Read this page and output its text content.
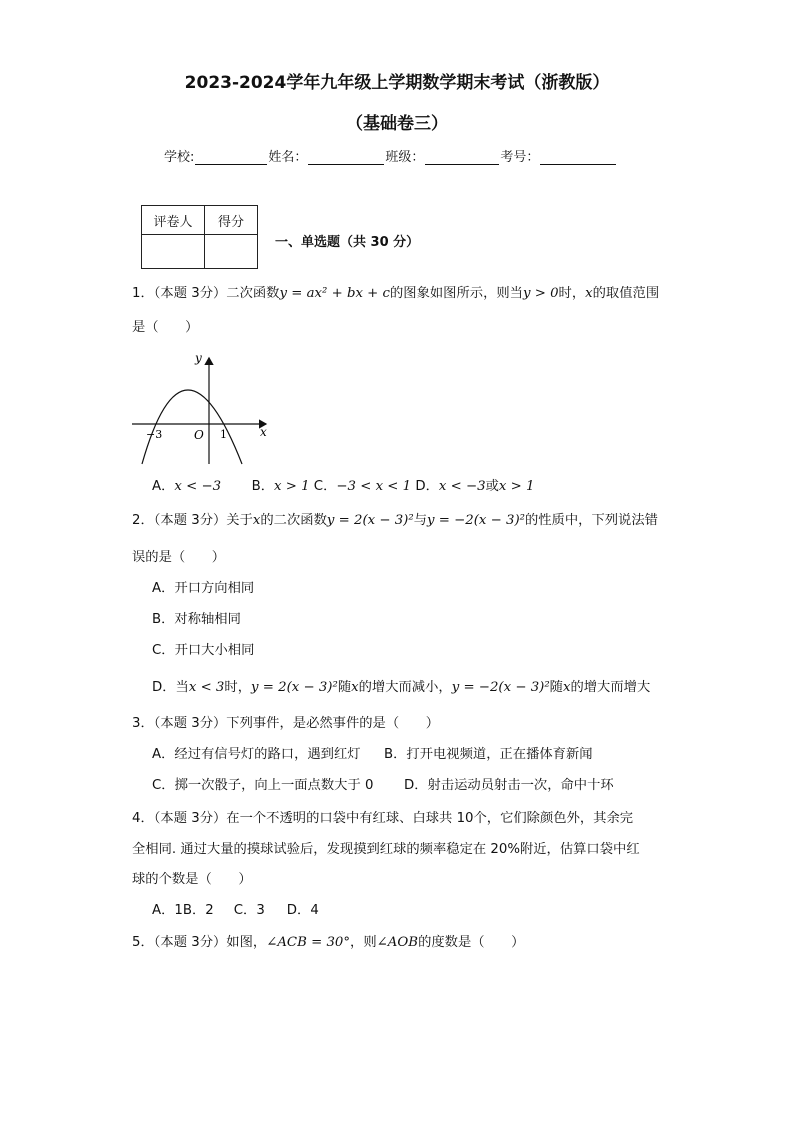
2023-2024学年九年级上学期数学期末考试（浙教版）
（基础卷三）
学校:	姓名：	班级：	考号：
评卷人	得分

一、单选题（共 30 分）
1．（本题 3分）二次函数y = ax² + bx + c的图象如图所示，则当y > 0时，x的取值范围
是（　　）
y
x
O
−3	1
A．x < −3 B．x > 1 C．−3 < x < 1 D．x < −3或x > 1
2．（本题 3分）关于x的二次函数y = 2(x − 3)²与y = −2(x − 3)²的性质中，下列说法错
误的是（　　）
A．开口方向相同
B．对称轴相同
C．开口大小相同
D．当x < 3时，y = 2(x − 3)²随x的增大而减小，y = −2(x − 3)²随x的增大而增大
3．（本题 3分）下列事件，是必然事件的是（　　）
A．经过有信号灯的路口，遇到红灯 B．打开电视频道，正在播体育新闻
C．掷一次骰子，向上一面点数大于 0 D．射击运动员射击一次，命中十环
4．（本题 3分）在一个不透明的口袋中有红球、白球共 10个，它们除颜色外，其余完
全相同. 通过大量的摸球试验后，发现摸到红球的频率稳定在 20%附近，估算口袋中红
球的个数是（　　）
A．1B．2 C．3 D．4
5．（本题 3分）如图，∠ACB = 30°，则∠AOB的度数是（　　）
